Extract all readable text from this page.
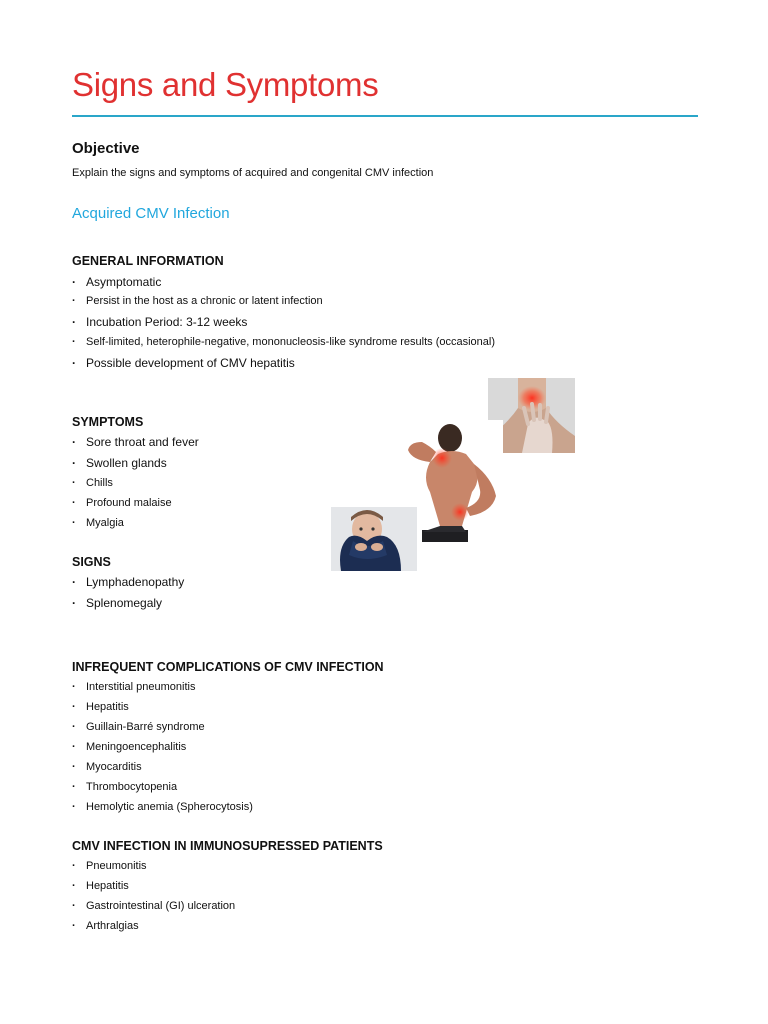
Signs and Symptoms
Objective
Explain the signs and symptoms of acquired and congenital CMV infection
Acquired CMV Infection
GENERAL INFORMATION
· Asymptomatic
· Persist in the host as a chronic or latent infection
· Incubation Period: 3-12 weeks
· Self-limited, heterophile-negative, mononucleosis-like syndrome results (occasional)
· Possible development of CMV hepatitis
SYMPTOMS
· Sore throat and fever
· Swollen glands
· Chills
· Profound malaise
· Myalgia
SIGNS
· Lymphadenopathy
· Splenomegaly
INFREQUENT COMPLICATIONS OF CMV INFECTION
· Interstitial pneumonitis
· Hepatitis
· Guillain-Barré syndrome
· Meningoencephalitis
· Myocarditis
· Thrombocytopenia
· Hemolytic anemia (Spherocytosis)
CMV INFECTION IN IMMUNOSUPRESSED PATIENTS
· Pneumonitis
· Hepatitis
· Gastrointestinal (GI) ulceration
· Arthralgias
